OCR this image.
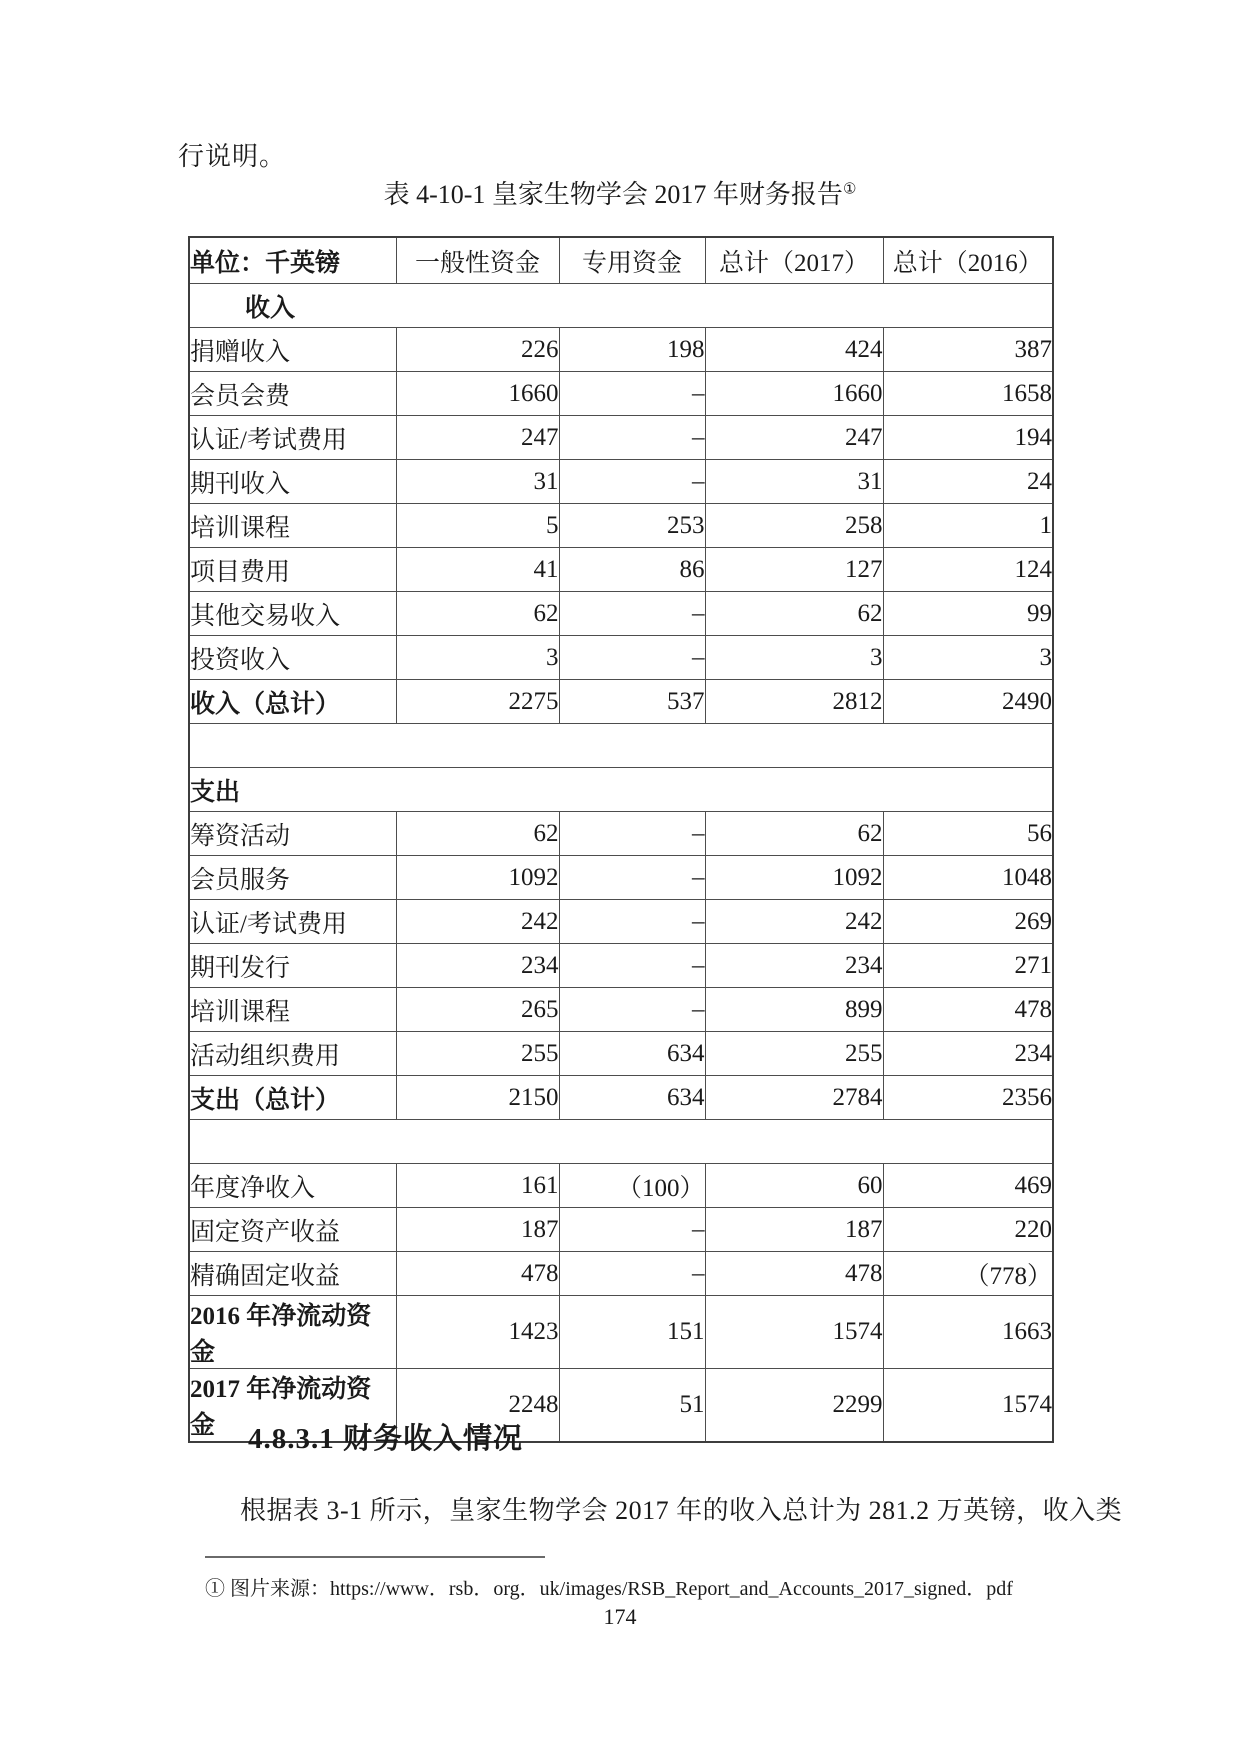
行说明。
表 4-10-1 皇家生物学会 2017 年财务报告①
单位：千英镑	一般性资金	专用资金	总计（2017）	总计（2016）
收入				
捐赠收入	226	198	424	387
会员会费	1660	–	1660	1658
认证/考试费用	247	–	247	194
期刊收入	31	–	31	24
培训课程	5	253	258	1
项目费用	41	86	127	124
其他交易收入	62	–	62	99
投资收入	3	–	3	3
收入（总计）	2275	537	2812	2490

支出				
筹资活动	62	–	62	56
会员服务	1092	–	1092	1048
认证/考试费用	242	–	242	269
期刊发行	234	–	234	271
培训课程	265	–	899	478
活动组织费用	255	634	255	234
支出（总计）	2150	634	2784	2356

年度净收入	161	（100）	60	469
固定资产收益	187	–	187	220
精确固定收益	478	–	478	（778）
2016 年净流动资金	1423	151	1574	1663
2017 年净流动资金	2248	51	2299	1574
4.8.3.1 财务收入情况
根据表 3-1 所示，皇家生物学会 2017 年的收入总计为 281.2 万英镑，收入类
① 图片来源：https://www．rsb．org．uk/images/RSB_Report_and_Accounts_2017_signed．pdf
174
